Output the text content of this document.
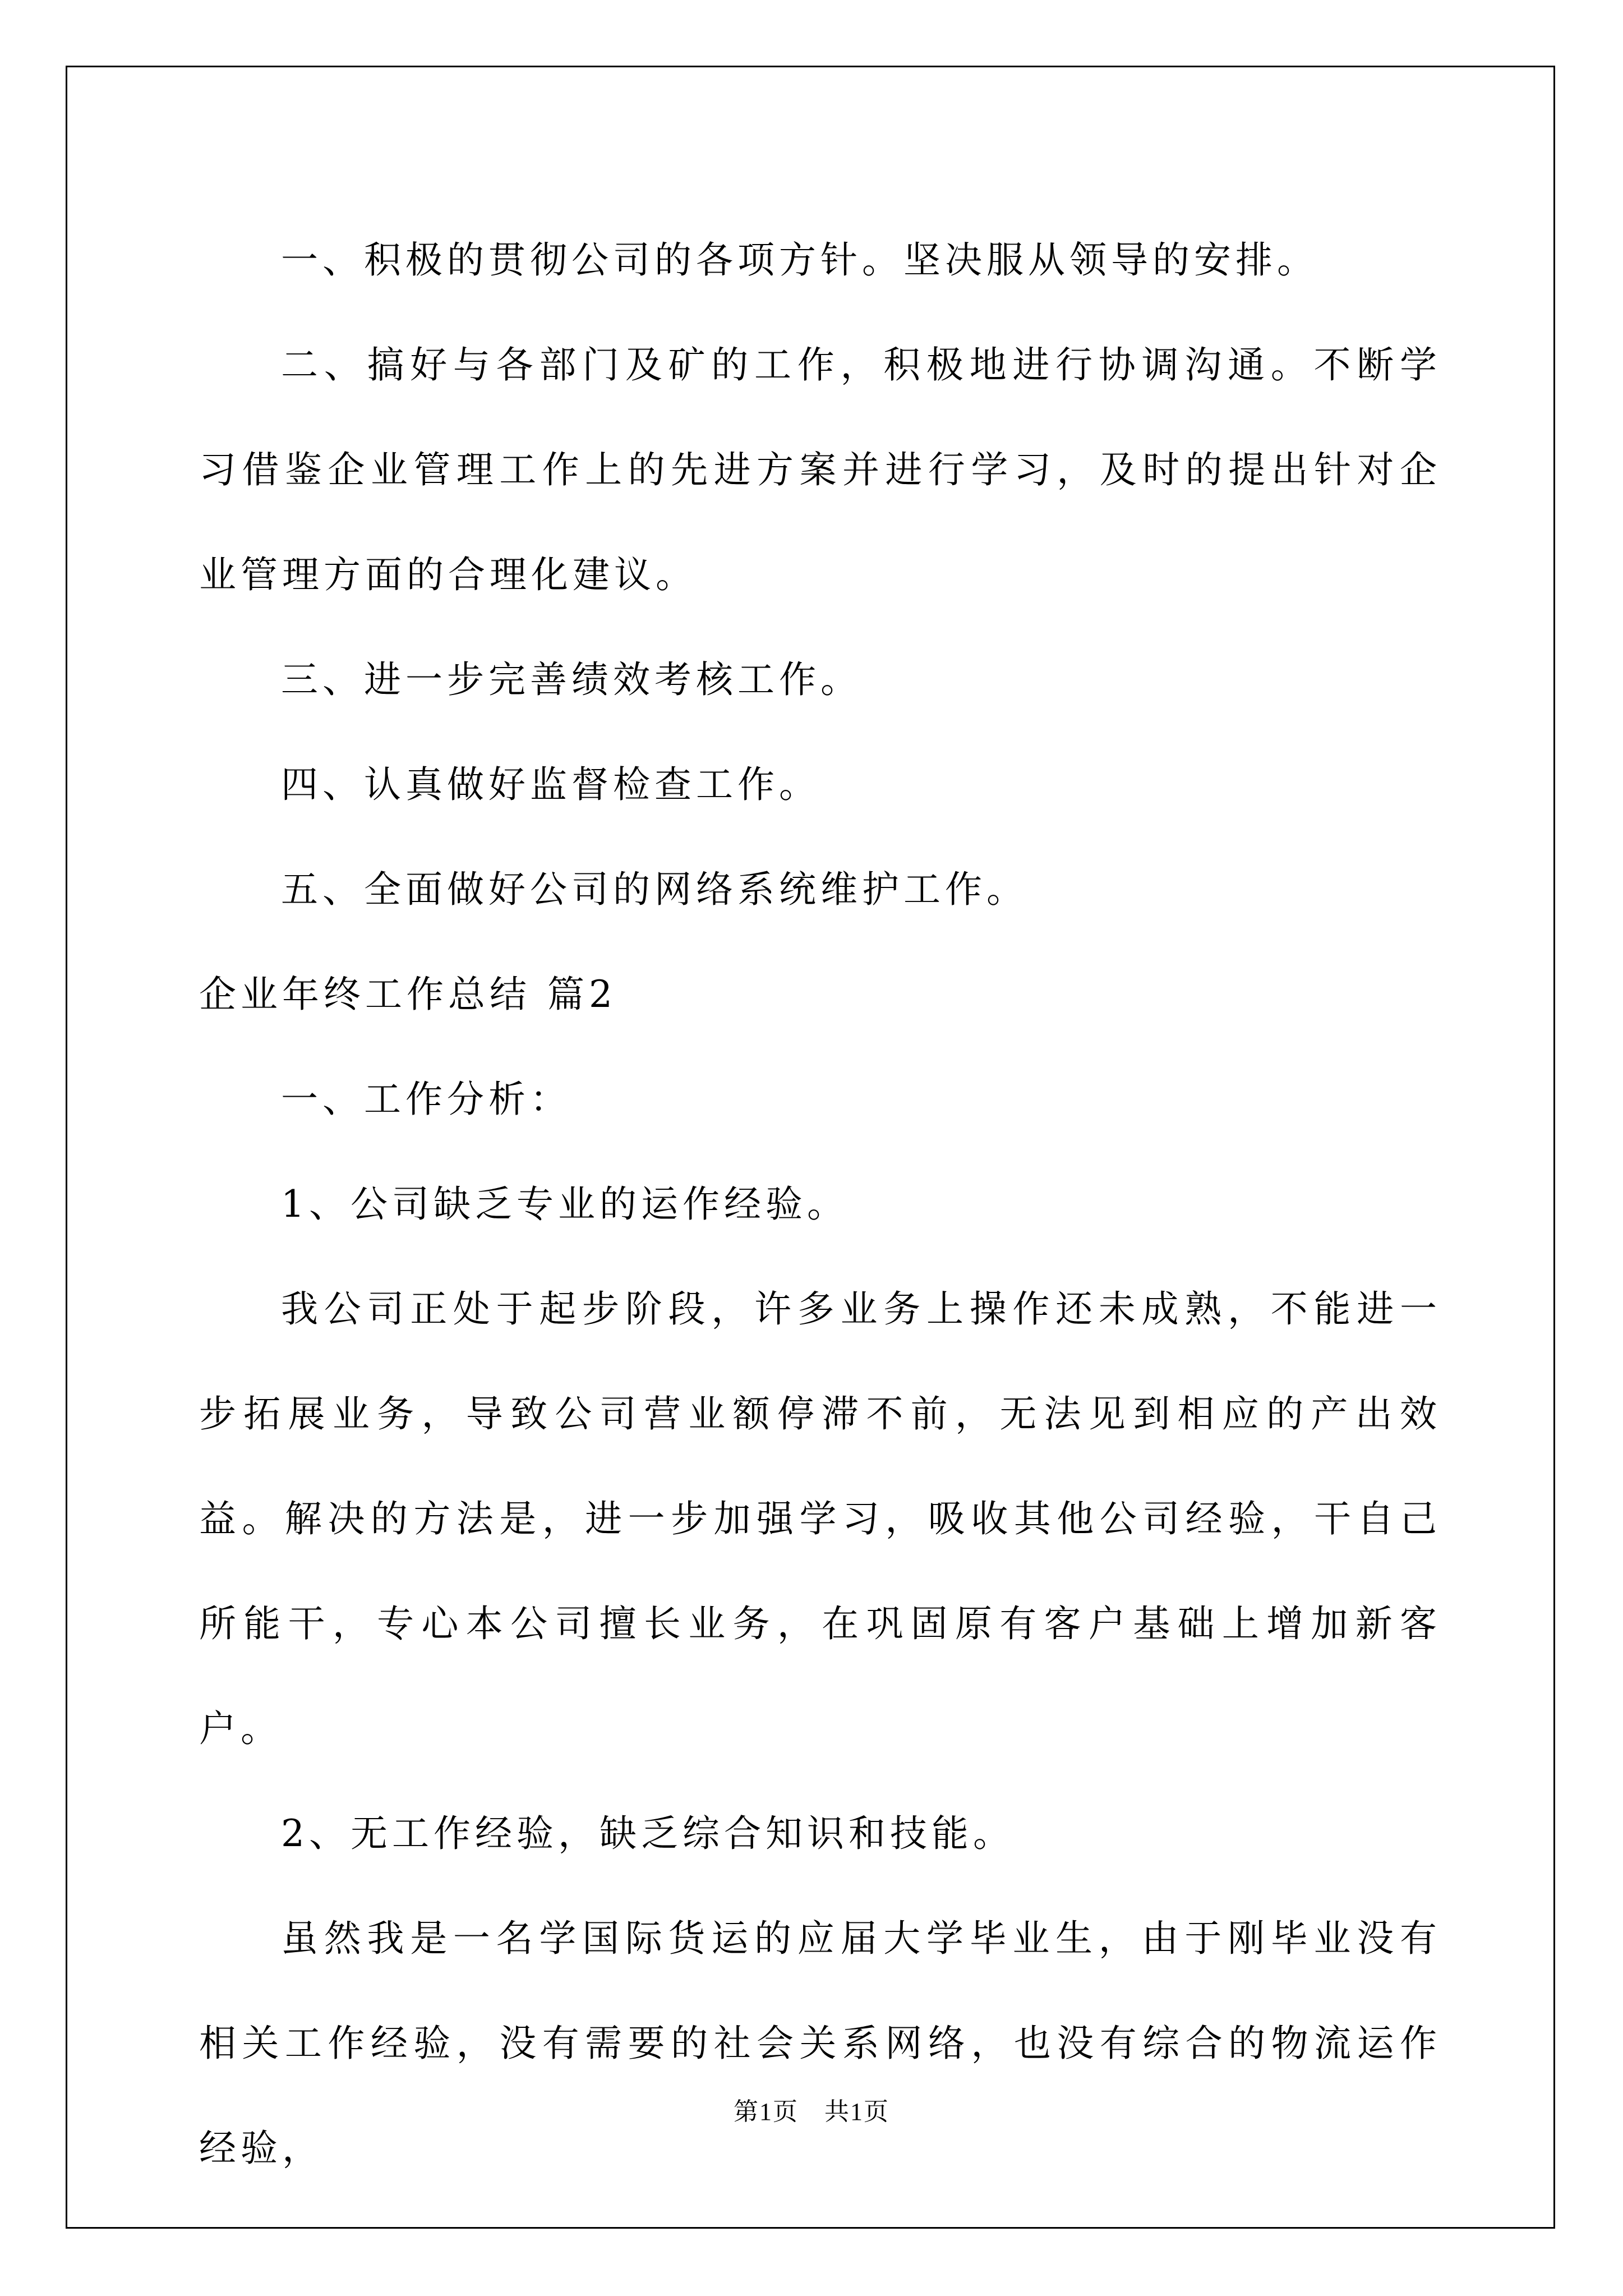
一、积极的贯彻公司的各项方针。坚决服从领导的安排。

二、搞好与各部门及矿的工作，积极地进行协调沟通。不断学习借鉴企业管理工作上的先进方案并进行学习，及时的提出针对企业管理方面的合理化建议。

三、进一步完善绩效考核工作。

四、认真做好监督检查工作。

五、全面做好公司的网络系统维护工作。

企业年终工作总结 篇2

一、工作分析：

1、公司缺乏专业的运作经验。

我公司正处于起步阶段，许多业务上操作还未成熟，不能进一步拓展业务，导致公司营业额停滞不前，无法见到相应的产出效益。解决的方法是，进一步加强学习，吸收其他公司经验，干自己所能干，专心本公司擅长业务，在巩固原有客户基础上增加新客户。

2、无工作经验，缺乏综合知识和技能。

虽然我是一名学国际货运的应届大学毕业生，由于刚毕业没有相关工作经验，没有需要的社会关系网络，也没有综合的物流运作经验，

第1页　共1页
